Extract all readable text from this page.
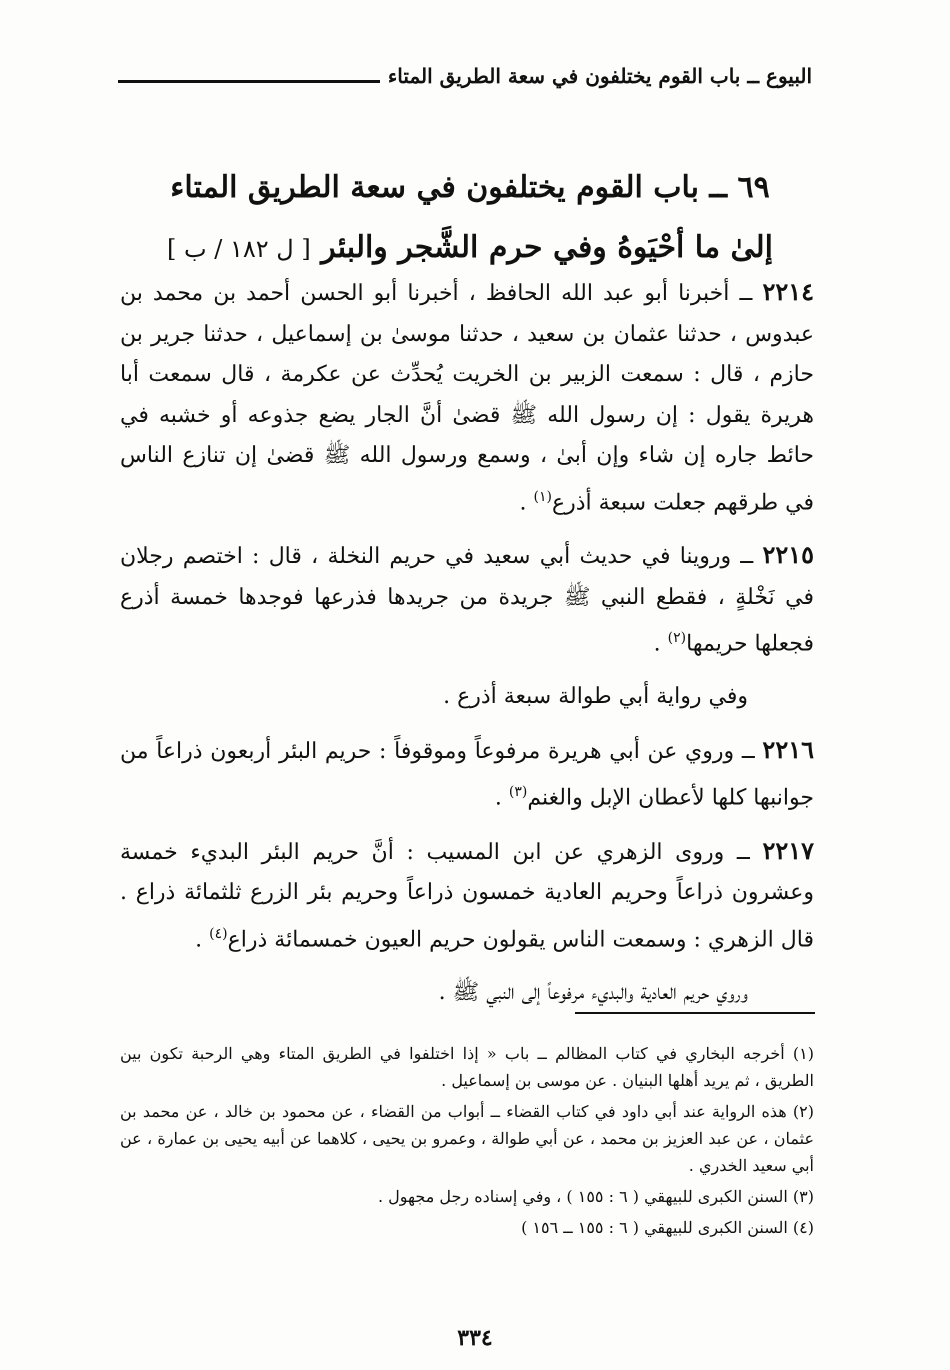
البيوع ــ باب القوم يختلفون في سعة الطريق المتاء
٦٩ ــ باب القوم يختلفون في سعة الطريق المتاء
إلىٰ ما أحْيَوهُ وفي حرم الشَّجر والبئر [ ل ١٨٢ / ب ]

٢٢١٤ ــ أخبرنا أبو عبد الله الحافظ ، أخبرنا أبو الحسن أحمد بن محمد بن عبدوس ، حدثنا عثمان بن سعيد ، حدثنا موسىٰ بن إسماعيل ، حدثنا جرير بن حازم ، قال : سمعت الزبير بن الخريت يُحدِّث عن عكرمة ، قال سمعت أبا هريرة يقول : إن رسول الله ﷺ قضىٰ أنَّ الجار يضع جذوعه أو خشبه في حائط جاره إن شاء وإن أبىٰ ، وسمع ورسول الله ﷺ قضىٰ إن تنازع الناس في طرقهم جعلت سبعة أذرع$^{(١)}$ .

٢٢١٥ ــ وروينا في حديث أبي سعيد في حريم النخلة ، قال : اختصم رجلان في نَخْلةٍ ، فقطع النبي ﷺ جريدة من جريدها فذرعها فوجدها خمسة أذرع فجعلها حريمها$^{(٢)}$ .

وفي رواية أبي طوالة سبعة أذرع .

٢٢١٦ ــ وروي عن أبي هريرة مرفوعاً وموقوفاً : حريم البئر أربعون ذراعاً من جوانبها كلها لأعطان الإبل والغنم$^{(٣)}$ .

٢٢١٧ ــ وروى الزهري عن ابن المسيب : أنَّ حريم البئر البديء خمسة وعشرون ذراعاً وحريم العادية خمسون ذراعاً وحريم بئر الزرع ثلثمائة ذراع . قال الزهري : وسمعت الناس يقولون حريم العيون خمسمائة ذراع$^{(٤)}$ .

وروي حريم العادية والبديء مرفوعاً إلى النبي ﷺ .

(١) أخرجه البخاري في كتاب المظالم ــ باب « إذا اختلفوا في الطريق المتاء وهي الرحبة تكون بين الطريق ، ثم يريد أهلها البنيان . عن موسى بن إسماعيل .

(٢) هذه الرواية عند أبي داود في كتاب القضاء ــ أبواب من القضاء ، عن محمود بن خالد ، عن محمد بن عثمان ، عن عبد العزيز بن محمد ، عن أبي طوالة ، وعمرو بن يحيى ، كلاهما عن أبيه يحيى بن عمارة ، عن أبي سعيد الخدري .

(٣) السنن الكبرى للبيهقي ( ٦ : ١٥٥ ) ، وفي إسناده رجل مجهول .

(٤) السنن الكبرى للبيهقي ( ٦ : ١٥٥ ــ ١٥٦ )

٣٣٤
